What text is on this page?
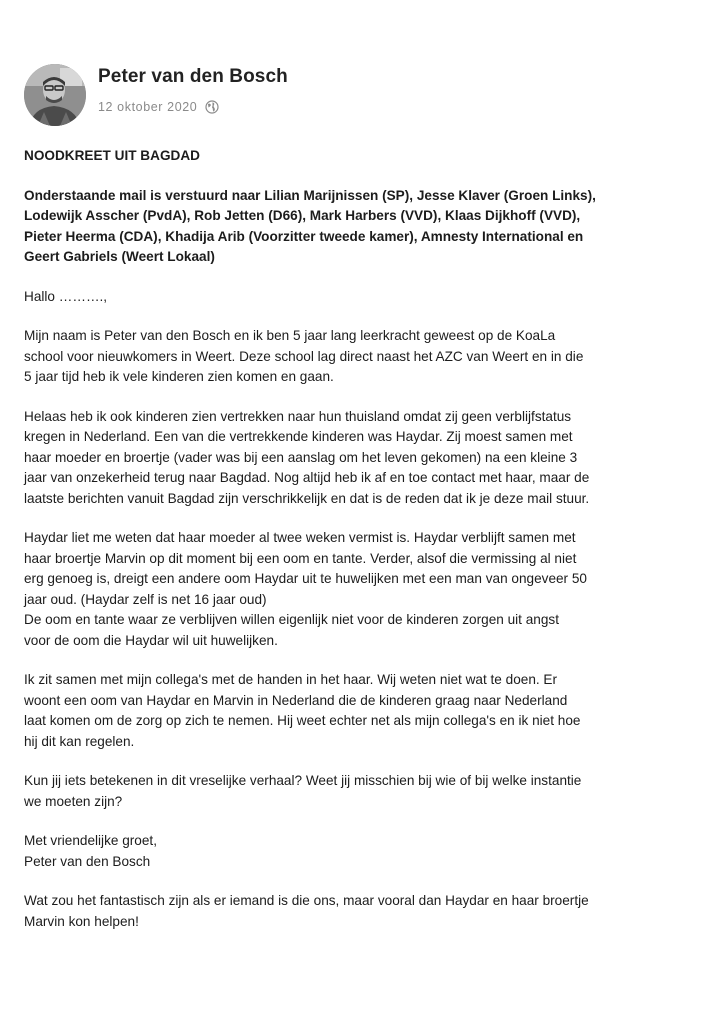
Peter van den Bosch
12 oktober 2020

NOODKREET UIT BAGDAD

Onderstaande mail is verstuurd naar Lilian Marijnissen (SP), Jesse Klaver (Groen Links),
Lodewijk Asscher (PvdA), Rob Jetten (D66), Mark Harbers (VVD), Klaas Dijkhoff (VVD),
Pieter Heerma (CDA), Khadija Arib (Voorzitter tweede kamer), Amnesty International en
Geert Gabriels (Weert Lokaal)

Hallo ……….,

Mijn naam is Peter van den Bosch en ik ben 5 jaar lang leerkracht geweest op de KoaLa
school voor nieuwkomers in Weert. Deze school lag direct naast het AZC van Weert en in die
5 jaar tijd heb ik vele kinderen zien komen en gaan.

Helaas heb ik ook kinderen zien vertrekken naar hun thuisland omdat zij geen verblijfstatus
kregen in Nederland. Een van die vertrekkende kinderen was Haydar. Zij moest samen met
haar moeder en broertje (vader was bij een aanslag om het leven gekomen) na een kleine 3
jaar van onzekerheid terug naar Bagdad. Nog altijd heb ik af en toe contact met haar, maar de
laatste berichten vanuit Bagdad zijn verschrikkelijk en dat is de reden dat ik je deze mail stuur.

Haydar liet me weten dat haar moeder al twee weken vermist is. Haydar verblijft samen met
haar broertje Marvin op dit moment bij een oom en tante. Verder, alsof die vermissing al niet
erg genoeg is, dreigt een andere oom Haydar uit te huwelijken met een man van ongeveer 50
jaar oud. (Haydar zelf is net 16 jaar oud)
De oom en tante waar ze verblijven willen eigenlijk niet voor de kinderen zorgen uit angst
voor de oom die Haydar wil uit huwelijken.

Ik zit samen met mijn collega's met de handen in het haar. Wij weten niet wat te doen. Er
woont een oom van Haydar en Marvin in Nederland die de kinderen graag naar Nederland
laat komen om de zorg op zich te nemen. Hij weet echter net als mijn collega's en ik niet hoe
hij dit kan regelen.

Kun jij iets betekenen in dit vreselijke verhaal? Weet jij misschien bij wie of bij welke instantie
we moeten zijn?

Met vriendelijke groet,
Peter van den Bosch

Wat zou het fantastisch zijn als er iemand is die ons, maar vooral dan Haydar en haar broertje
Marvin kon helpen!
